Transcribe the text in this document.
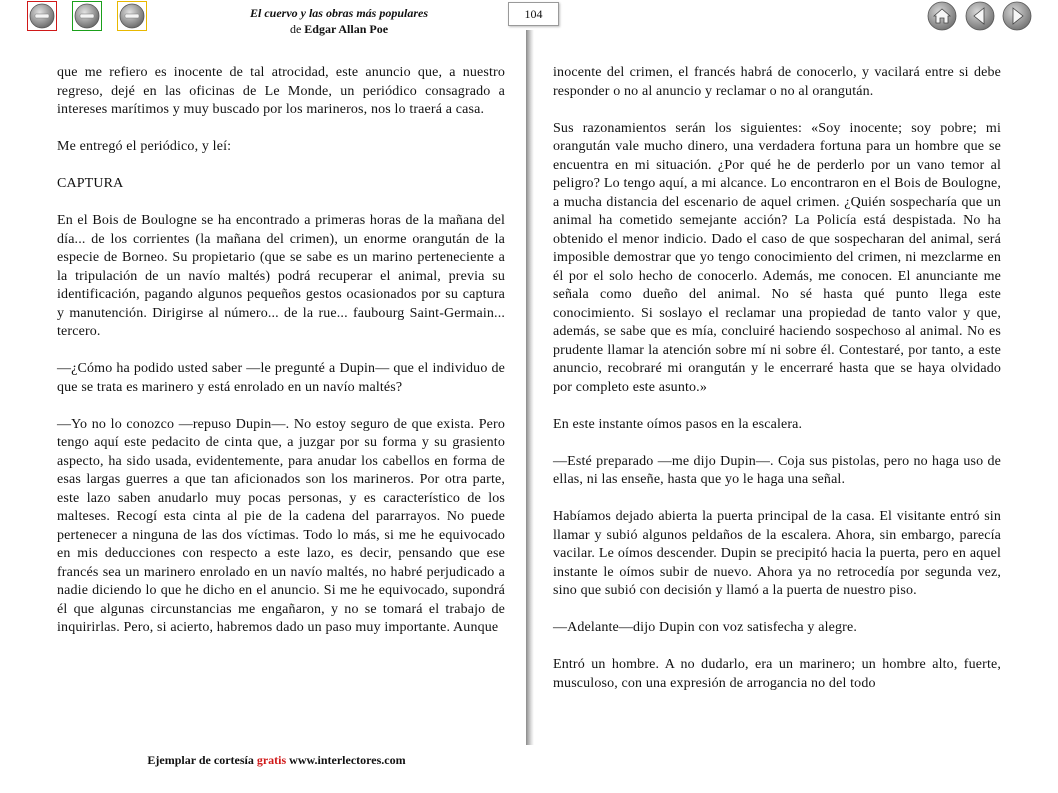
El cuervo y las obras más populares
de Edgar Allan Poe
104

que me refiero es inocente de tal atrocidad, este anuncio que, a nuestro regreso, dejé en las oficinas de Le Monde, un periódico consagrado a intereses marítimos y muy buscado por los marineros, nos lo traerá a casa.

Me entregó el periódico, y leí:

CAPTURA

En el Bois de Boulogne se ha encontrado a primeras horas de la mañana del día... de los corrientes (la mañana del crimen), un enorme orangután de la especie de Borneo. Su propietario (que se sabe es un marino perteneciente a la tripulación de un navío maltés) podrá recuperar el animal, previa su identificación, pagando algunos pequeños gestos ocasionados por su captura y manutención. Dirigirse al número... de la rue... faubourg Saint-Germain... tercero.

—¿Cómo ha podido usted saber —le pregunté a Dupin— que el individuo de que se trata es marinero y está enrolado en un navío maltés?

—Yo no lo conozco —repuso Dupin—. No estoy seguro de que exista. Pero tengo aquí este pedacito de cinta que, a juzgar por su forma y su grasiento aspecto, ha sido usada, evidentemente, para anudar los cabellos en forma de esas largas guerres a que tan aficionados son los marineros. Por otra parte, este lazo saben anudarlo muy pocas personas, y es característico de los malteses. Recogí esta cinta al pie de la cadena del pararrayos. No puede pertenecer a ninguna de las dos víctimas. Todo lo más, si me he equivocado en mis deducciones con respecto a este lazo, es decir, pensando que ese francés sea un marinero enrolado en un navío maltés, no habré perjudicado a nadie diciendo lo que he dicho en el anuncio. Si me he equivocado, supondrá él que algunas circunstancias me engañaron, y no se tomará el trabajo de inquirirlas. Pero, si acierto, habremos dado un paso muy importante. Aunque

inocente del crimen, el francés habrá de conocerlo, y vacilará entre si debe responder o no al anuncio y reclamar o no al orangután.

Sus razonamientos serán los siguientes: «Soy inocente; soy pobre; mi orangután vale mucho dinero, una verdadera fortuna para un hombre que se encuentra en mi situación. ¿Por qué he de perderlo por un vano temor al peligro? Lo tengo aquí, a mi alcance. Lo encontraron en el Bois de Boulogne, a mucha distancia del escenario de aquel crimen. ¿Quién sospecharía que un animal ha cometido semejante acción? La Policía está despistada. No ha obtenido el menor indicio. Dado el caso de que sospecharan del animal, será imposible demostrar que yo tengo conocimiento del crimen, ni mezclarme en él por el solo hecho de conocerlo. Además, me conocen. El anunciante me señala como dueño del animal. No sé hasta qué punto llega este conocimiento. Si soslayo el reclamar una propiedad de tanto valor y que, además, se sabe que es mía, concluiré haciendo sospechoso al animal. No es prudente llamar la atención sobre mí ni sobre él. Contestaré, por tanto, a este anuncio, recobraré mi orangután y le encerraré hasta que se haya olvidado por completo este asunto.»

En este instante oímos pasos en la escalera.

—Esté preparado —me dijo Dupin—. Coja sus pistolas, pero no haga uso de ellas, ni las enseñe, hasta que yo le haga una señal.

Habíamos dejado abierta la puerta principal de la casa. El visitante entró sin llamar y subió algunos peldaños de la escalera. Ahora, sin embargo, parecía vacilar. Le oímos descender. Dupin se precipitó hacia la puerta, pero en aquel instante le oímos subir de nuevo. Ahora ya no retrocedía por segunda vez, sino que subió con decisión y llamó a la puerta de nuestro piso.

—Adelante—dijo Dupin con voz satisfecha y alegre.

Entró un hombre. A no dudarlo, era un marinero; un hombre alto, fuerte, musculoso, con una expresión de arrogancia no del todo

Ejemplar de cortesía gratis www.interlectores.com
